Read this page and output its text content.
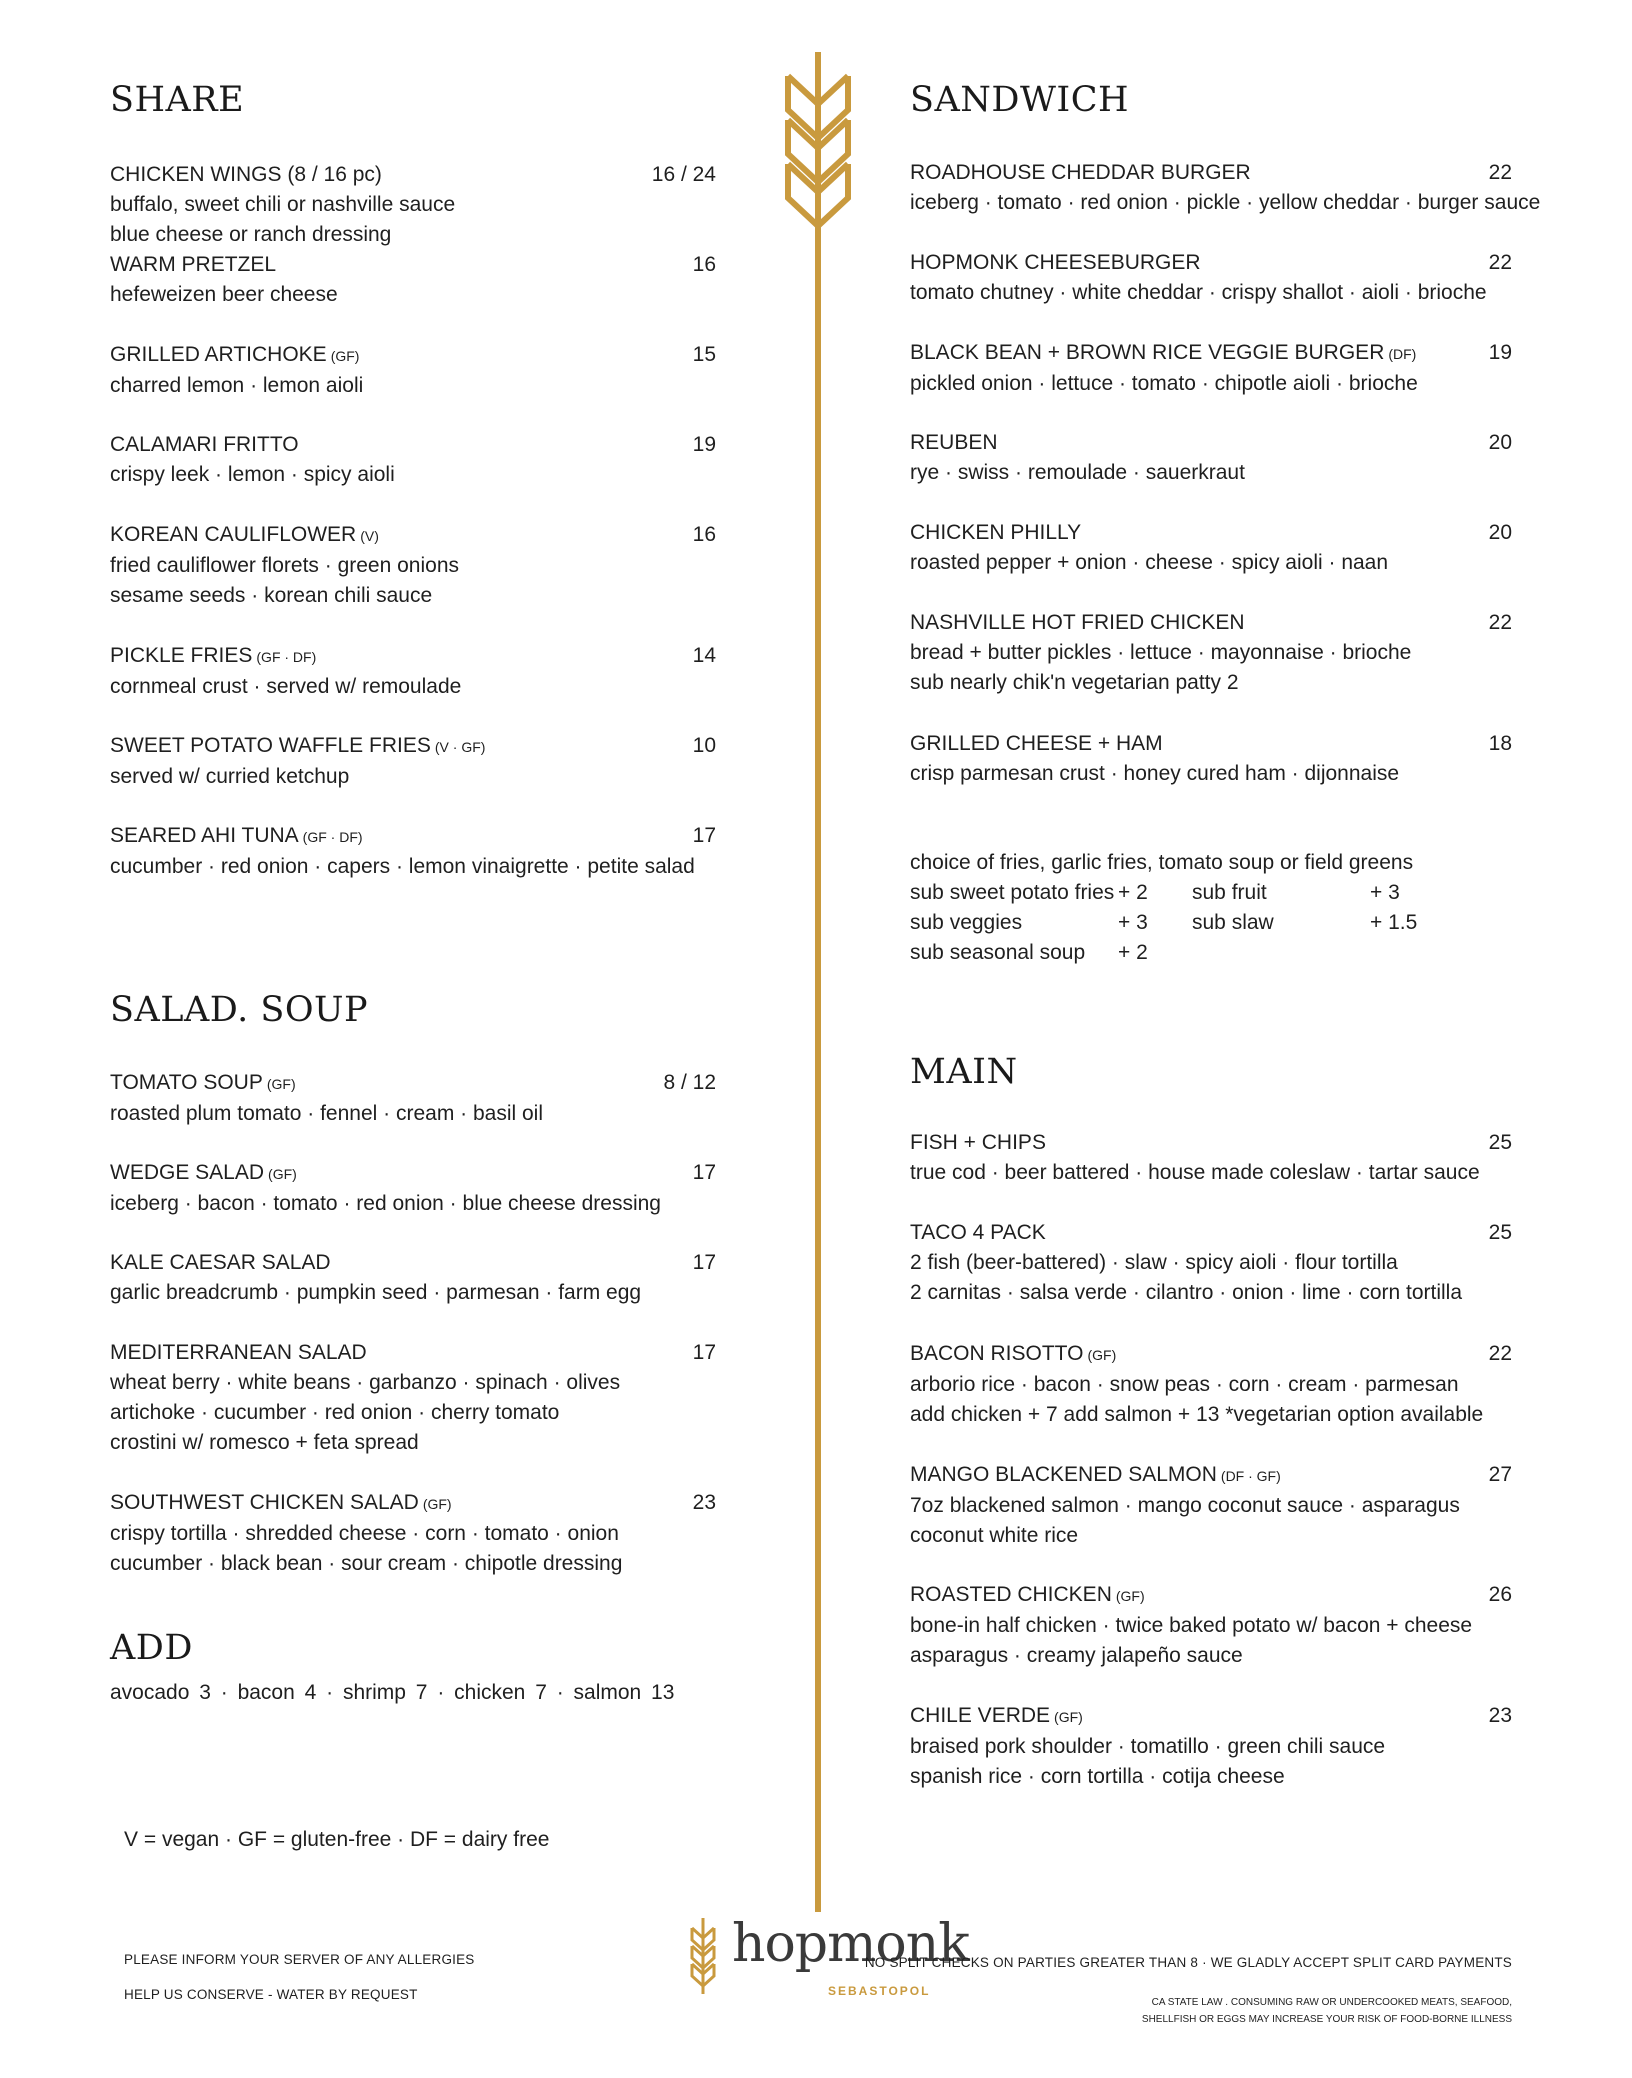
SHARE
CHICKEN WINGS (8 / 16 pc)	16 / 24
buffalo, sweet chili or nashville sauce
blue cheese or ranch dressing
WARM PRETZEL	16
hefeweizen beer cheese
GRILLED ARTICHOKE (GF)	15
charred lemon · lemon aioli
CALAMARI FRITTO	19
crispy leek · lemon · spicy aioli
KOREAN CAULIFLOWER (V)	16
fried cauliflower florets · green onions
sesame seeds · korean chili sauce
PICKLE FRIES (GF · DF)	14
cornmeal crust · served w/ remoulade
SWEET POTATO WAFFLE FRIES (V · GF)	10
served w/ curried ketchup
SEARED AHI TUNA (GF · DF)	17
cucumber · red onion · capers · lemon vinaigrette · petite salad
SALAD. SOUP
TOMATO SOUP (GF)	8 / 12
roasted plum tomato · fennel · cream · basil oil
WEDGE SALAD (GF)	17
iceberg · bacon · tomato · red onion · blue cheese dressing
KALE CAESAR SALAD	17
garlic breadcrumb · pumpkin seed · parmesan · farm egg
MEDITERRANEAN SALAD	17
wheat berry · white beans · garbanzo · spinach · olives
artichoke · cucumber · red onion · cherry tomato
crostini w/ romesco + feta spread
SOUTHWEST CHICKEN SALAD (GF)	23
crispy tortilla · shredded cheese · corn · tomato · onion
cucumber · black bean · sour cream · chipotle dressing
ADD
avocado 3 · bacon 4 · shrimp 7 · chicken 7 · salmon 13
V = vegan · GF = gluten-free · DF = dairy free
SANDWICH
ROADHOUSE CHEDDAR BURGER	22
iceberg · tomato · red onion · pickle · yellow cheddar · burger sauce
HOPMONK CHEESEBURGER	22
tomato chutney · white cheddar · crispy shallot · aioli · brioche
BLACK BEAN + BROWN RICE VEGGIE BURGER (DF)	19
pickled onion · lettuce · tomato · chipotle aioli · brioche
REUBEN	20
rye · swiss · remoulade · sauerkraut
CHICKEN PHILLY	20
roasted pepper + onion · cheese · spicy aioli · naan
NASHVILLE HOT FRIED CHICKEN	22
bread + butter pickles · lettuce · mayonnaise · brioche
sub nearly chik'n vegetarian patty 2
GRILLED CHEESE + HAM	18
crisp parmesan crust · honey cured ham · dijonnaise
choice of fries, garlic fries, tomato soup or field greens
sub sweet potato fries + 2 sub fruit	+ 3
sub veggies	+ 3 sub slaw	+ 1.5
sub seasonal soup + 2
MAIN
FISH + CHIPS	25
true cod · beer battered · house made coleslaw · tartar sauce
TACO 4 PACK	25
2 fish (beer-battered) · slaw · spicy aioli · flour tortilla
2 carnitas · salsa verde · cilantro · onion · lime · corn tortilla
BACON RISOTTO (GF)	22
arborio rice · bacon · snow peas · corn · cream · parmesan
add chicken + 7 add salmon + 13 *vegetarian option available
MANGO BLACKENED SALMON (DF · GF)	27
7oz blackened salmon · mango coconut sauce · asparagus
coconut white rice
ROASTED CHICKEN (GF)	26
bone-in half chicken · twice baked potato w/ bacon + cheese
asparagus · creamy jalapeño sauce
CHILE VERDE (GF)	23
braised pork shoulder · tomatillo · green chili sauce
spanish rice · corn tortilla · cotija cheese
PLEASE INFORM YOUR SERVER OF ANY ALLERGIES
HELP US CONSERVE - WATER BY REQUEST
hopmonk
SEBASTOPOL
NO SPLIT CHECKS ON PARTIES GREATER THAN 8 · WE GLADLY ACCEPT SPLIT CARD PAYMENTS
CA STATE LAW . CONSUMING RAW OR UNDERCOOKED MEATS, SEAFOOD,
SHELLFISH OR EGGS MAY INCREASE YOUR RISK OF FOOD-BORNE ILLNESS
